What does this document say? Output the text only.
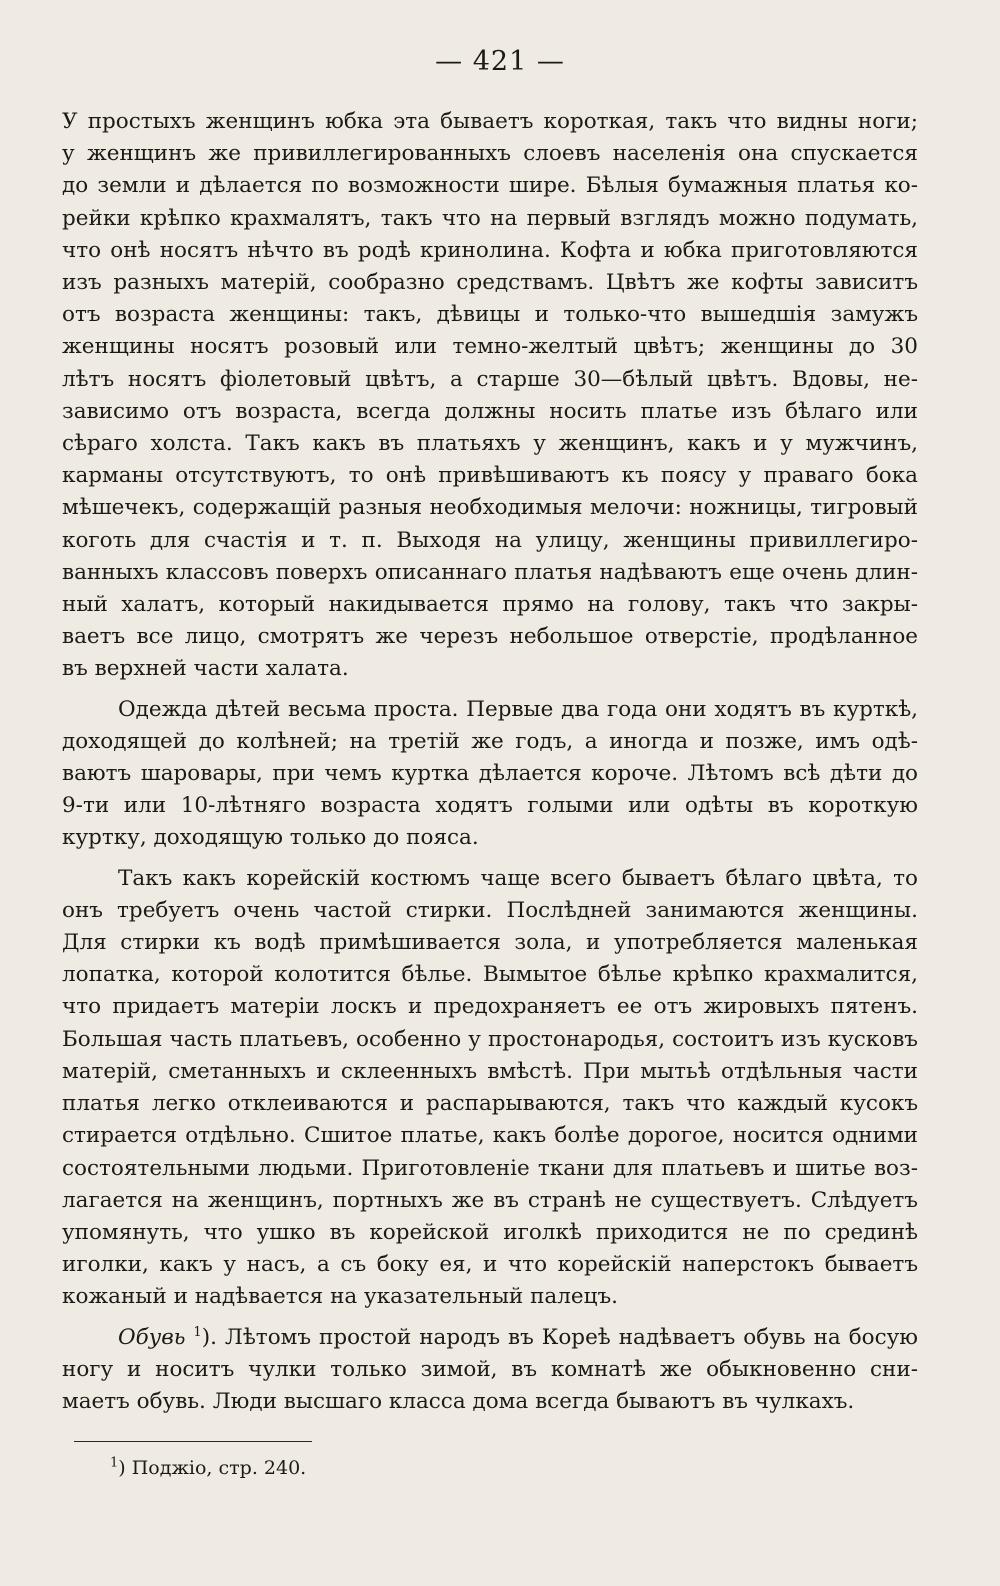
— 421 —
У простыхъ женщинъ юбка эта бываетъ короткая, такъ что видны ноги;
у женщинъ же привиллегированныхъ слоевъ населенія она спускается
до земли и дѣлается по возможности шире. Бѣлыя бумажныя платья ко-
рейки крѣпко крахмалятъ, такъ что на первый взглядъ можно подумать,
что онѣ носятъ нѣчто въ родѣ кринолина. Кофта и юбка приготовляются
изъ разныхъ матерій, сообразно средствамъ. Цвѣтъ же кофты зависитъ
отъ возраста женщины: такъ, дѣвицы и только-что вышедшія замужъ
женщины носятъ розовый или темно-желтый цвѣтъ; женщины до 30
лѣтъ носятъ фіолетовый цвѣтъ, а старше 30—бѣлый цвѣтъ. Вдовы, не-
зависимо отъ возраста, всегда должны носить платье изъ бѣлаго или
сѣраго холста. Такъ какъ въ платьяхъ у женщинъ, какъ и у мужчинъ,
карманы отсутствуютъ, то онѣ привѣшиваютъ къ поясу у праваго бока
мѣшечекъ, содержащій разныя необходимыя мелочи: ножницы, тигровый
коготь для счастія и т. п. Выходя на улицу, женщины привиллегиро-
ванныхъ классовъ поверхъ описаннаго платья надѣваютъ еще очень длин-
ный халатъ, который накидывается прямо на голову, такъ что закры-
ваетъ все лицо, смотрятъ же черезъ небольшое отверстіе, продѣланное
въ верхней части халата.
Одежда дѣтей весьма проста. Первые два года они ходятъ въ курткѣ,
доходящей до колѣней; на третій же годъ, а иногда и позже, имъ одѣ-
ваютъ шаровары, при чемъ куртка дѣлается короче. Лѣтомъ всѣ дѣти до
9-ти или 10-лѣтняго возраста ходятъ голыми или одѣты въ короткую
куртку, доходящую только до пояса.
Такъ какъ корейскій костюмъ чаще всего бываетъ бѣлаго цвѣта, то
онъ требуетъ очень частой стирки. Послѣдней занимаются женщины.
Для стирки къ водѣ примѣшивается зола, и употребляется маленькая
лопатка, которой колотится бѣлье. Вымытое бѣлье крѣпко крахмалится,
что придаетъ матеріи лоскъ и предохраняетъ ее отъ жировыхъ пятенъ.
Большая часть платьевъ, особенно у простонародья, состоитъ изъ кусковъ
матерій, сметанныхъ и склеенныхъ вмѣстѣ. При мытьѣ отдѣльныя части
платья легко отклеиваются и распарываются, такъ что каждый кусокъ
стирается отдѣльно. Сшитое платье, какъ болѣе дорогое, носится одними
состоятельными людьми. Приготовленіе ткани для платьевъ и шитье воз-
лагается на женщинъ, портныхъ же въ странѣ не существуетъ. Слѣдуетъ
упомянуть, что ушко въ корейской иголкѣ приходится не по срединѣ
иголки, какъ у насъ, а съ боку ея, и что корейскій наперстокъ бываетъ
кожаный и надѣвается на указательный палецъ.
Обувь $^1$). Лѣтомъ простой народъ въ Кореѣ надѣваетъ обувь на босую
ногу и носитъ чулки только зимой, въ комнатѣ же обыкновенно сни-
маетъ обувь. Люди высшаго класса дома всегда бываютъ въ чулкахъ.
$^1$) Поджіо, стр. 240.
